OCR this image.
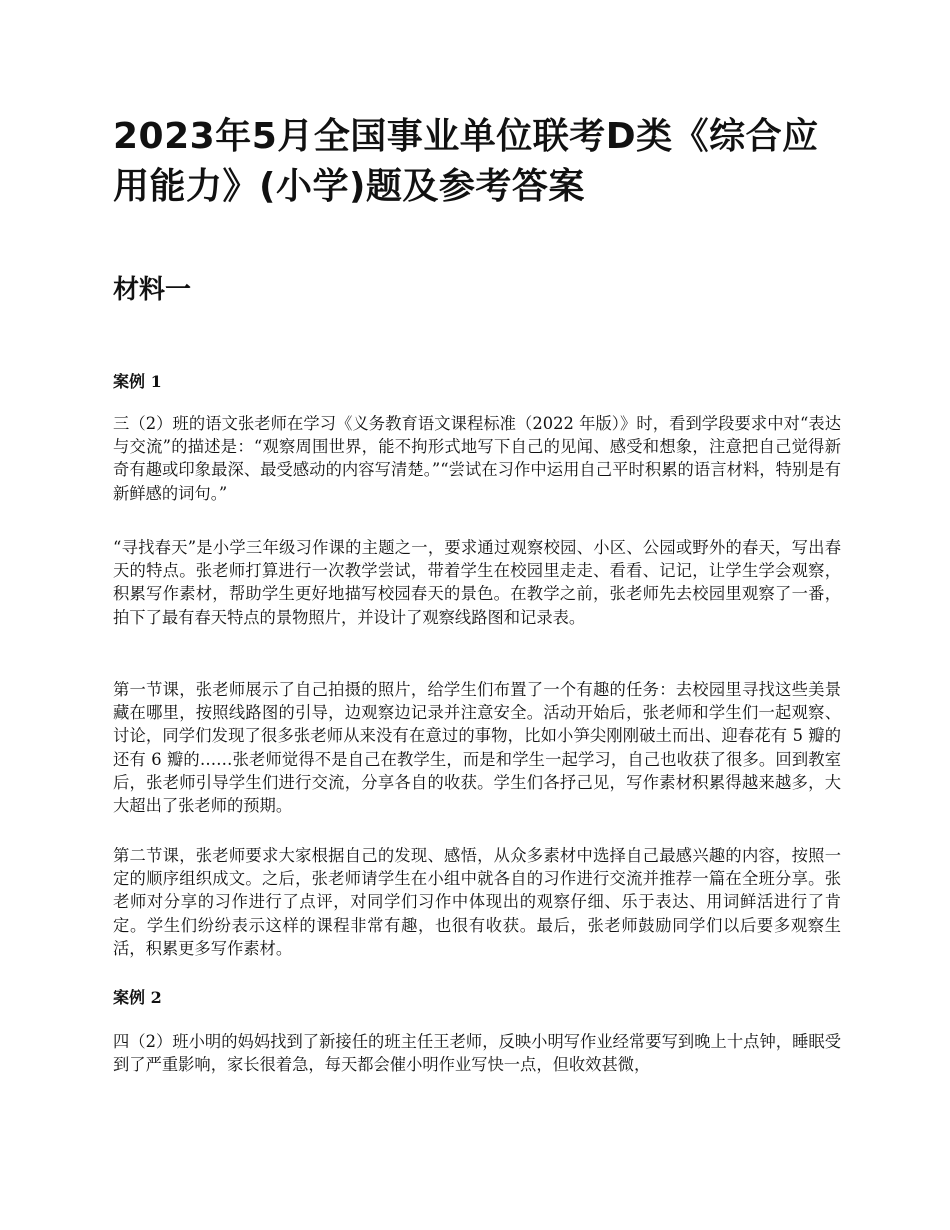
2023年5月全国事业单位联考D类《综合应用能力》(小学)题及参考答案
材料一
案例 1

三（2）班的语文张老师在学习《义务教育语文课程标准（2022 年版）》时，看到学段要求中对“表达与交流”的描述是：“观察周围世界，能不拘形式地写下自己的见闻、感受和想象，注意把自己觉得新奇有趣或印象最深、最受感动的内容写清楚。”“尝试在习作中运用自己平时积累的语言材料，特别是有新鲜感的词句。”

“寻找春天”是小学三年级习作课的主题之一，要求通过观察校园、小区、公园或野外的春天，写出春天的特点。张老师打算进行一次教学尝试，带着学生在校园里走走、看看、记记，让学生学会观察，积累写作素材，帮助学生更好地描写校园春天的景色。在教学之前，张老师先去校园里观察了一番，拍下了最有春天特点的景物照片，并设计了观察线路图和记录表。

第一节课，张老师展示了自己拍摄的照片，给学生们布置了一个有趣的任务：去校园里寻找这些美景藏在哪里，按照线路图的引导，边观察边记录并注意安全。活动开始后，张老师和学生们一起观察、讨论，同学们发现了很多张老师从来没有在意过的事物，比如小笋尖刚刚破土而出、迎春花有 5 瓣的还有 6 瓣的……张老师觉得不是自己在教学生，而是和学生一起学习，自己也收获了很多。回到教室后，张老师引导学生们进行交流，分享各自的收获。学生们各抒己见，写作素材积累得越来越多，大大超出了张老师的预期。

第二节课，张老师要求大家根据自己的发现、感悟，从众多素材中选择自己最感兴趣的内容，按照一定的顺序组织成文。之后，张老师请学生在小组中就各自的习作进行交流并推荐一篇在全班分享。张老师对分享的习作进行了点评，对同学们习作中体现出的观察仔细、乐于表达、用词鲜活进行了肯定。学生们纷纷表示这样的课程非常有趣，也很有收获。最后，张老师鼓励同学们以后要多观察生活，积累更多写作素材。

案例 2

四（2）班小明的妈妈找到了新接任的班主任王老师，反映小明写作业经常要写到晚上十点钟，睡眠受到了严重影响，家长很着急，每天都会催小明作业写快一点，但收效甚微，
